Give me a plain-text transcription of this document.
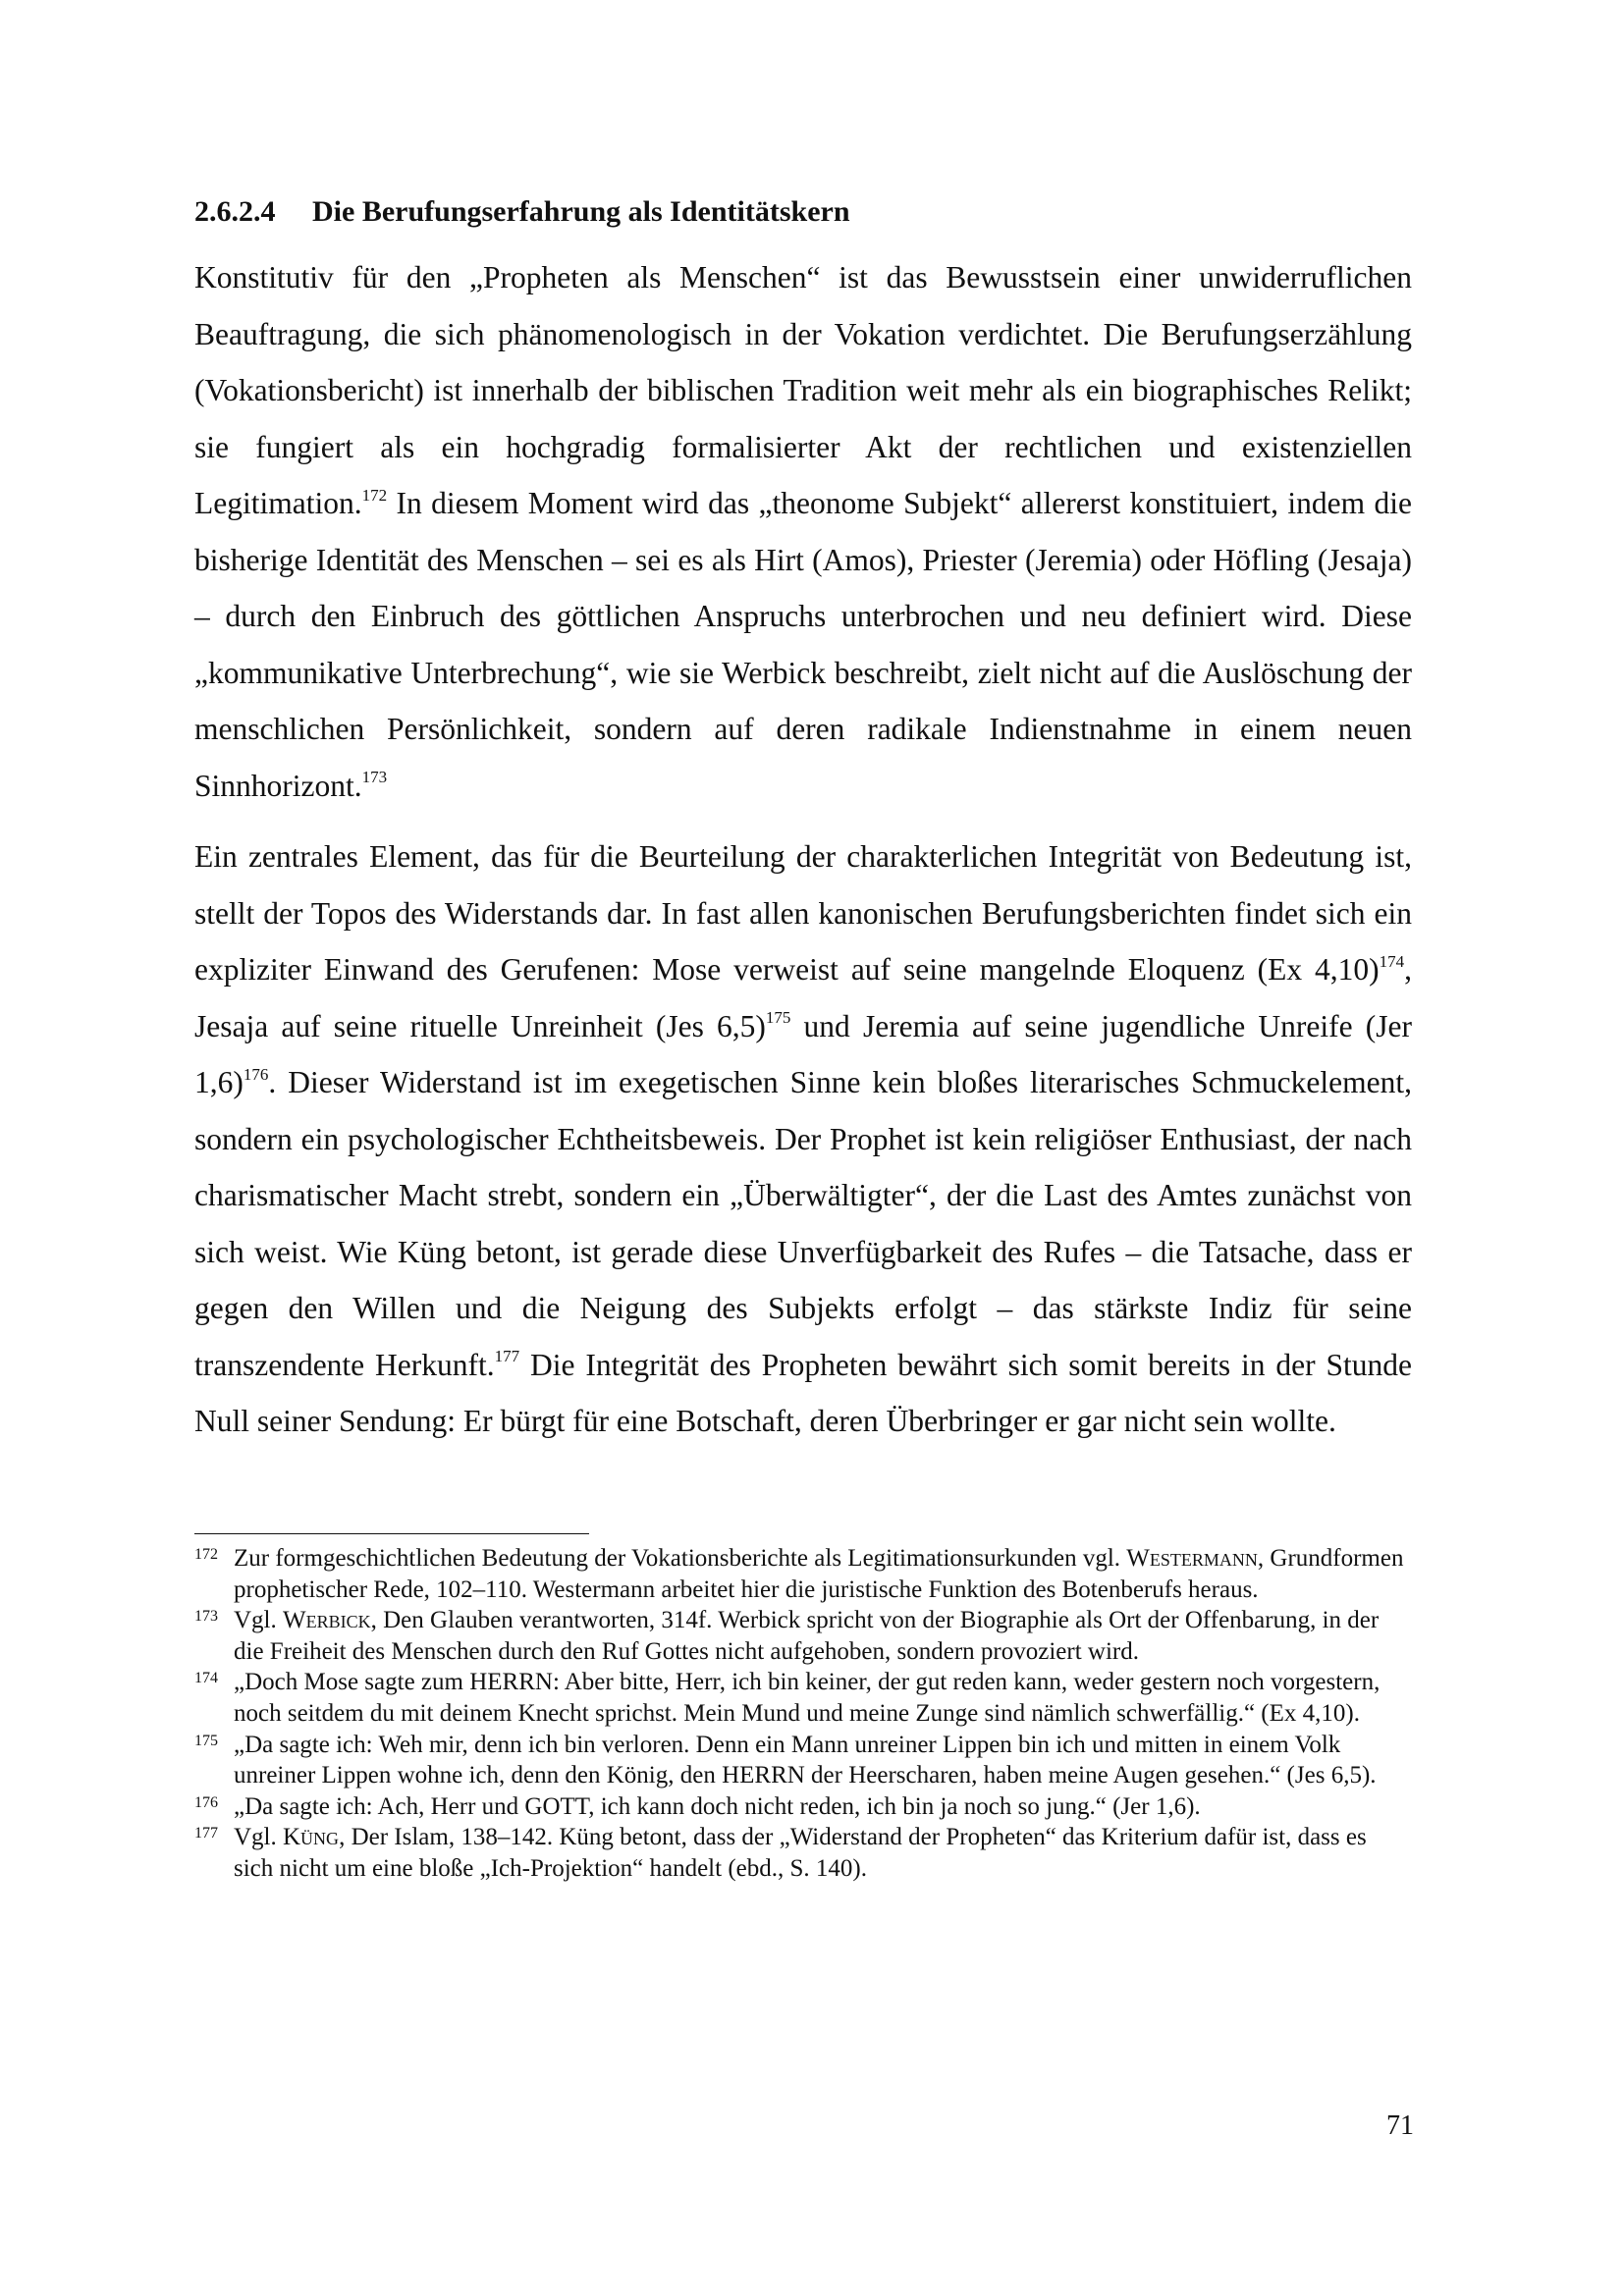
2.6.2.4 Die Berufungserfahrung als Identitätskern

Konstitutiv für den „Propheten als Menschen“ ist das Bewusstsein einer unwiderruflichen Beauftragung, die sich phänomenologisch in der Vokation verdichtet. Die Berufungserzählung (Vokationsbericht) ist innerhalb der biblischen Tradition weit mehr als ein biographisches Relikt; sie fungiert als ein hochgradig formalisierter Akt der rechtlichen und existenziellen Legitimation.$^{172}$ In diesem Moment wird das „theonome Subjekt“ allererst konstituiert, indem die bisherige Identität des Menschen – sei es als Hirt (Amos), Priester (Jeremia) oder Höfling (Jesaja) – durch den Einbruch des göttlichen Anspruchs unterbrochen und neu definiert wird. Diese „kommunikative Unterbrechung“, wie sie Werbick beschreibt, zielt nicht auf die Auslöschung der menschlichen Persönlichkeit, sondern auf deren radikale Indienstnahme in einem neuen Sinnhorizont.$^{173}$

Ein zentrales Element, das für die Beurteilung der charakterlichen Integrität von Bedeutung ist, stellt der Topos des Widerstands dar. In fast allen kanonischen Berufungsberichten findet sich ein expliziter Einwand des Gerufenen: Mose verweist auf seine mangelnde Eloquenz (Ex 4,10)$^{174}$, Jesaja auf seine rituelle Unreinheit (Jes 6,5)$^{175}$ und Jeremia auf seine jugendliche Unreife (Jer 1,6)$^{176}$. Dieser Widerstand ist im exegetischen Sinne kein bloßes literarisches Schmuckelement, sondern ein psychologischer Echtheitsbeweis. Der Prophet ist kein religiöser Enthusiast, der nach charismatischer Macht strebt, sondern ein „Überwältigter“, der die Last des Amtes zunächst von sich weist. Wie Küng betont, ist gerade diese Unverfügbarkeit des Rufes – die Tatsache, dass er gegen den Willen und die Neigung des Subjekts erfolgt – das stärkste Indiz für seine transzendente Herkunft.$^{177}$ Die Integrität des Propheten bewährt sich somit bereits in der Stunde Null seiner Sendung: Er bürgt für eine Botschaft, deren Überbringer er gar nicht sein wollte.

172 Zur formgeschichtlichen Bedeutung der Vokationsberichte als Legitimationsurkunden vgl. Westermann, Grundformen prophetischer Rede, 102–110. Westermann arbeitet hier die juristische Funktion des Botenberufs heraus.
173 Vgl. Werbick, Den Glauben verantworten, 314f. Werbick spricht von der Biographie als Ort der Offenbarung, in der die Freiheit des Menschen durch den Ruf Gottes nicht aufgehoben, sondern provoziert wird.
174 „Doch Mose sagte zum HERRN: Aber bitte, Herr, ich bin keiner, der gut reden kann, weder gestern noch vorgestern, noch seitdem du mit deinem Knecht sprichst. Mein Mund und meine Zunge sind nämlich schwerfällig.“ (Ex 4,10).
175 „Da sagte ich: Weh mir, denn ich bin verloren. Denn ein Mann unreiner Lippen bin ich und mitten in einem Volk unreiner Lippen wohne ich, denn den König, den HERRN der Heerscharen, haben meine Augen gesehen.“ (Jes 6,5).
176 „Da sagte ich: Ach, Herr und GOTT, ich kann doch nicht reden, ich bin ja noch so jung.“ (Jer 1,6).
177 Vgl. Küng, Der Islam, 138–142. Küng betont, dass der „Widerstand der Propheten“ das Kriterium dafür ist, dass es sich nicht um eine bloße „Ich-Projektion“ handelt (ebd., S. 140).
71
